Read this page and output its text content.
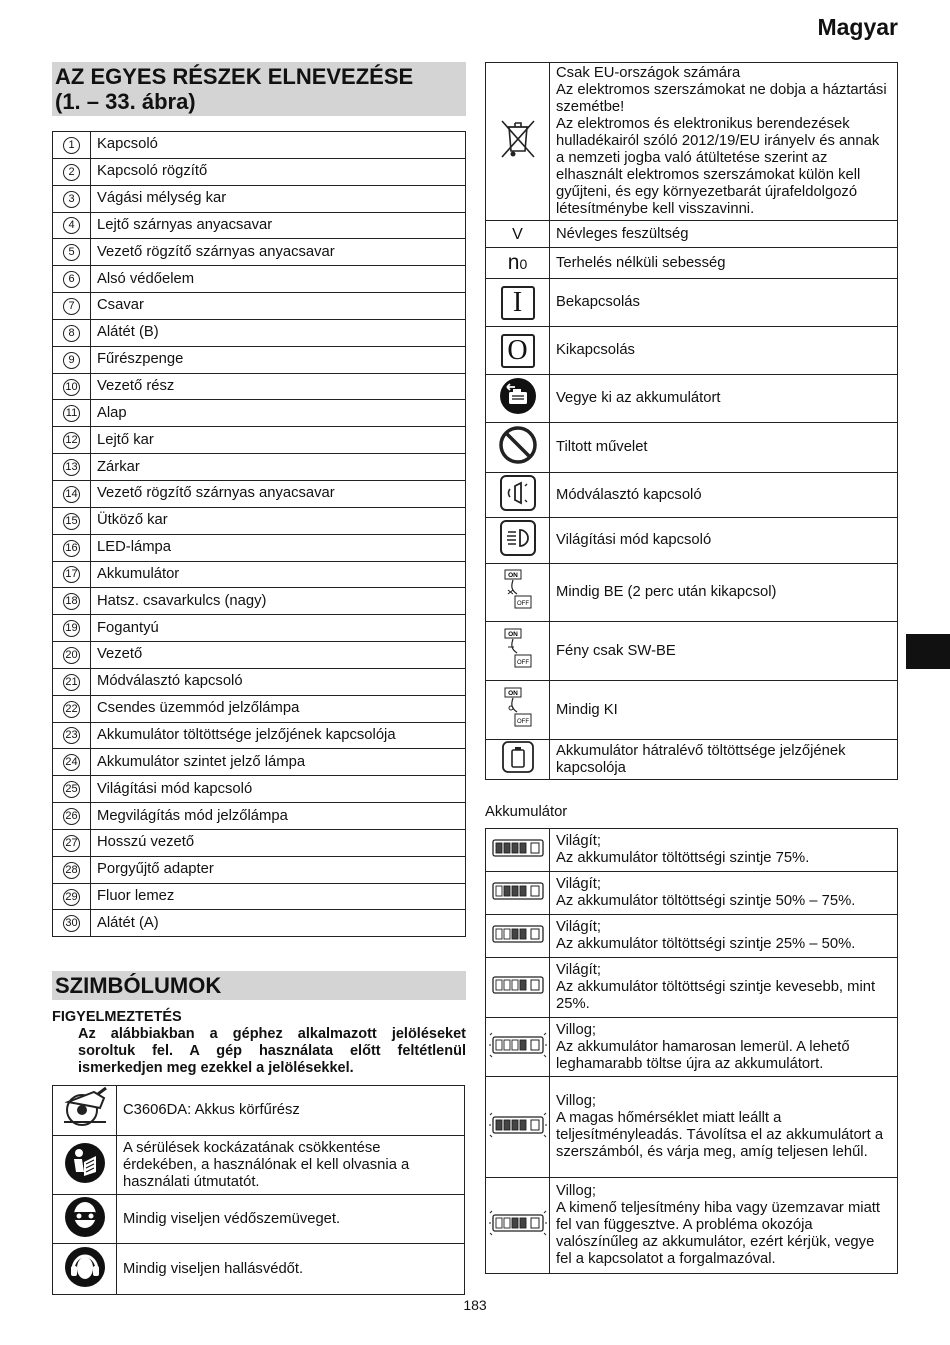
Magyar
AZ EGYES RÉSZEK ELNEVEZÉSE
(1. – 33. ábra)
1	Kapcsoló
2	Kapcsoló rögzítő
3	Vágási mélység kar
4	Lejtő szárnyas anyacsavar
5	Vezető rögzítő szárnyas anyacsavar
6	Alsó védőelem
7	Csavar
8	Alátét (B)
9	Fűrészpenge
10	Vezető rész
11	Alap
12	Lejtő kar
13	Zárkar
14	Vezető rögzítő szárnyas anyacsavar
15	Ütköző kar
16	LED-lámpa
17	Akkumulátor
18	Hatsz. csavarkulcs (nagy)
19	Fogantyú
20	Vezető
21	Módválasztó kapcsoló
22	Csendes üzemmód jelzőlámpa
23	Akkumulátor töltöttsége jelzőjének kapcsolója
24	Akkumulátor szintet jelző lámpa
25	Világítási mód kapcsoló
26	Megvilágítás mód jelzőlámpa
27	Hosszú vezető
28	Porgyűjtő adapter
29	Fluor lemez
30	Alátét (A)
SZIMBÓLUMOK
FIGYELMEZTETÉS
Az alábbiakban a géphez alkalmazott jelöléseket soroltuk fel. A gép használata előtt feltétlenül ismerkedjen meg ezekkel a jelölésekkel.
	C3606DA: Akkus körfűrész
	A sérülések kockázatának csökkentése érdekében, a használónak el kell olvasnia a használati útmutatót.
	Mindig viseljen védőszemüveget.
	Mindig viseljen hallásvédőt.

Csak EU-országok számára
Az elektromos szerszámokat ne dobja a háztartási szemétbe!
Az elektromos és elektronikus berendezések hulladékairól szóló 2012/19/EU irányelv és annak a nemzeti jogba való átültetése szerint az elhasznált elektromos szerszámokat külön kell gyűjteni, és egy környezetbarát újrafeldolgozó létesítménybe kell visszavinni.

V	Névleges feszültség
n0	Terhelés nélküli sebesség
I	Bekapcsolás
O	Kikapcsolás
	Vegye ki az akkumulátort
	Tiltott művelet
	Módválasztó kapcsoló
	Világítási mód kapcsoló

ON
OFF	Mindig BE (2 perc után kikapcsol)

ON
OFF	Fény csak SW-BE

ON
OFF	Mindig KI
	Akkumulátor hátralévő töltöttsége jelzőjének kapcsolója
Akkumulátor

Világít;
Az akkumulátor töltöttségi szintje 75%.

Világít;
Az akkumulátor töltöttségi szintje 50% – 75%.

Világít;
Az akkumulátor töltöttségi szintje 25% – 50%.

Világít;
Az akkumulátor töltöttségi szintje kevesebb, mint 25%.

Villog;
Az akkumulátor hamarosan lemerül. A lehető leghamarabb töltse újra az akkumulátort.

Villog;
A magas hőmérséklet miatt leállt a teljesítményleadás. Távolítsa el az akkumulátort a szerszámból, és várja meg, amíg teljesen lehűl.

Villog;
A kimenő teljesítmény hiba vagy üzemzavar miatt fel van függesztve. A probléma okozója valószínűleg az akkumulátor, ezért kérjük, vegye fel a kapcsolatot a forgalmazóval.
183
